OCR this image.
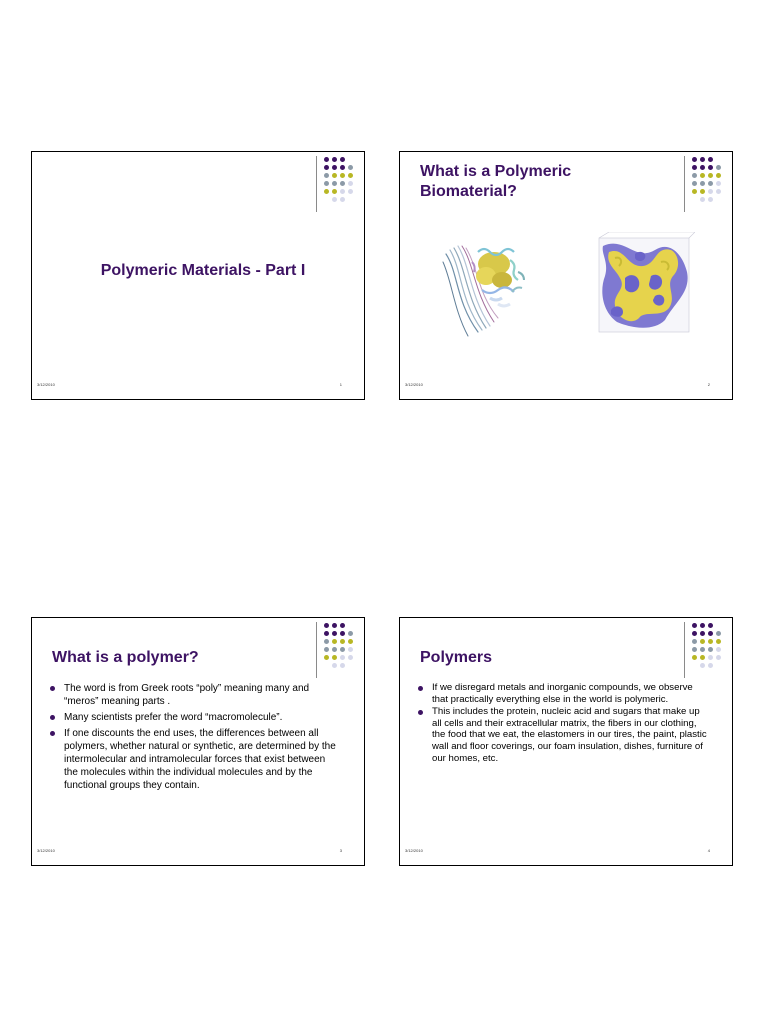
Polymeric Materials - Part I
3/12/2010	1
What is a Polymeric Biomaterial?
3/12/2010	2
What is a polymer?
The word is from Greek roots “poly” meaning many and “meros” meaning parts .
Many scientists prefer the word “macromolecule”.
If one discounts the end uses, the differences between all polymers, whether natural or synthetic, are determined by the intermolecular and intramolecular forces that exist between the molecules within the individual molecules and by the functional groups they contain.
3/12/2010	3
Polymers
If we disregard metals and inorganic compounds, we observe that practically everything else in the world is polymeric.
This includes the protein, nucleic acid and sugars that make up all cells and their extracellular matrix, the fibers in our clothing, the food that we eat, the elastomers in our tires, the paint, plastic wall and floor coverings, our foam insulation, dishes, furniture of our homes, etc.
3/12/2010	4
